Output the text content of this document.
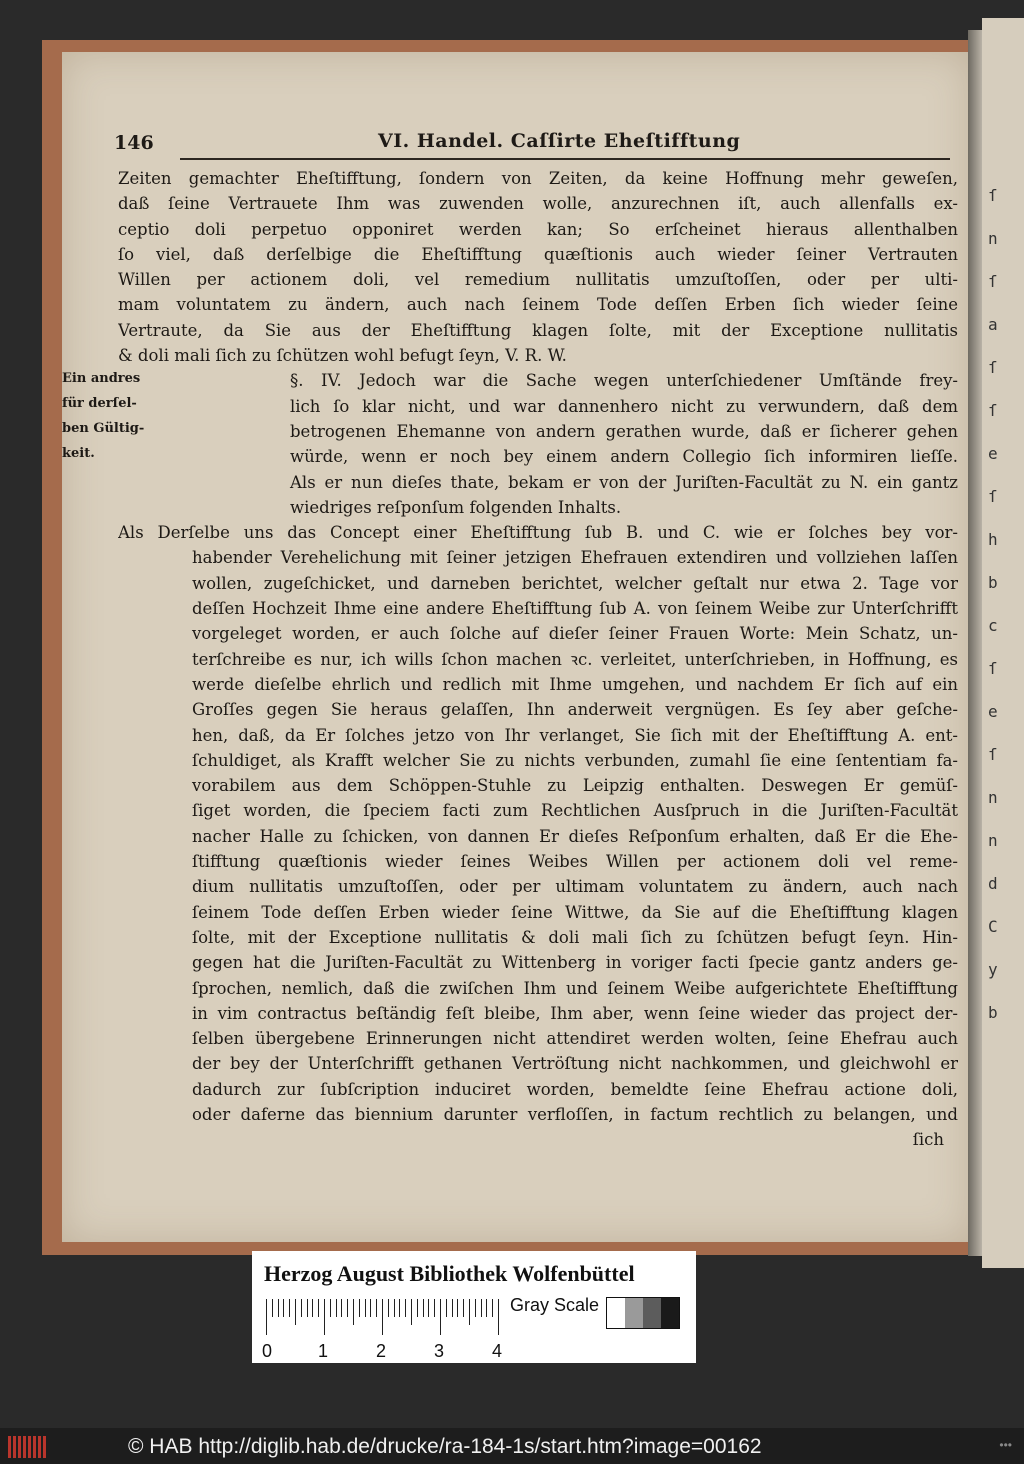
ſ
n
ſ
a
ſ
ſ
e
ſ
h
b
c
ſ
e
ſ
n
n
d
C
y
b
146	VI. Handel. Caſſirte Eheſtifftung
Ein andres
für derſel-
ben Gültig-
keit.
Zeiten gemachter Eheſtifftung, ſondern von Zeiten, da keine Hoffnung mehr geweſen,
daß ſeine Vertrauete Ihm was zuwenden wolle, anzurechnen iſt, auch allenfalls ex-
ceptio doli perpetuo opponiret werden kan; So erſcheinet hieraus allenthalben
ſo viel, daß derſelbige die Eheſtifftung quæſtionis auch wieder ſeiner Vertrauten
Willen per actionem doli, vel remedium nullitatis umzuſtoſſen, oder per ulti-
mam voluntatem zu ändern, auch nach ſeinem Tode deſſen Erben ſich wieder ſeine
Vertraute, da Sie aus der Eheſtifftung klagen ſolte, mit der Exceptione nullitatis
& doli mali ſich zu ſchützen wohl befugt ſeyn, V. R. W.
§. IV. Jedoch war die Sache wegen unterſchiedener Umſtände frey-
lich ſo klar nicht, und war dannenhero nicht zu verwundern, daß dem
betrogenen Ehemanne von andern gerathen wurde, daß er ſicherer gehen
würde, wenn er noch bey einem andern Collegio ſich informiren lieſſe.
Als er nun dieſes thate, bekam er von der Juriſten-Facultät zu N. ein gantz
wiedriges reſponſum folgenden Inhalts.
Als Derſelbe uns das Concept einer Eheſtifftung ſub B. und C. wie er ſolches bey vor-
habender Verehelichung mit ſeiner jetzigen Ehefrauen extendiren und vollziehen laſſen
wollen, zugeſchicket, und darneben berichtet, welcher geſtalt nur etwa 2. Tage vor
deſſen Hochzeit Ihme eine andere Eheſtifftung ſub A. von ſeinem Weibe zur Unterſchrifft
vorgeleget worden, er auch ſolche auf dieſer ſeiner Frauen Worte: Mein Schatz, un-
terſchreibe es nur, ich wills ſchon machen ꝛc. verleitet, unterſchrieben, in Hoffnung, es
werde dieſelbe ehrlich und redlich mit Ihme umgehen, und nachdem Er ſich auf ein
Groſſes gegen Sie heraus gelaſſen, Ihn anderweit vergnügen. Es ſey aber geſche-
hen, daß, da Er ſolches jetzo von Ihr verlanget, Sie ſich mit der Eheſtifftung A. ent-
ſchuldiget, als Krafft welcher Sie zu nichts verbunden, zumahl ſie eine ſententiam fa-
vorabilem aus dem Schöppen-Stuhle zu Leipzig enthalten. Deswegen Er gemüſ-
ſiget worden, die ſpeciem facti zum Rechtlichen Ausſpruch in die Juriſten-Facultät
nacher Halle zu ſchicken, von dannen Er dieſes Reſponſum erhalten, daß Er die Ehe-
ſtifftung quæſtionis wieder ſeines Weibes Willen per actionem doli vel reme-
dium nullitatis umzuſtoſſen, oder per ultimam voluntatem zu ändern, auch nach
ſeinem Tode deſſen Erben wieder ſeine Wittwe, da Sie auf die Eheſtifftung klagen
ſolte, mit der Exceptione nullitatis & doli mali ſich zu ſchützen befugt ſeyn. Hin-
gegen hat die Juriſten-Facultät zu Wittenberg in voriger facti ſpecie gantz anders ge-
ſprochen, nemlich, daß die zwiſchen Ihm und ſeinem Weibe aufgerichtete Eheſtifftung
in vim contractus beſtändig feſt bleibe, Ihm aber, wenn ſeine wieder das project der-
ſelben übergebene Erinnerungen nicht attendiret werden wolten, ſeine Ehefrau auch
der bey der Unterſchrifft gethanen Vertröſtung nicht nachkommen, und gleichwohl er
dadurch zur ſubſcription induciret worden, bemeldte ſeine Ehefrau actione doli,
oder daferne das biennium darunter verfloſſen, in factum rechtlich zu belangen, und
ſich
Herzog August Bibliothek Wolfenbüttel
0	1	2	3	4
Gray Scale
© HAB http://diglib.hab.de/drucke/ra-184-1s/start.htm?image=00162	•••
